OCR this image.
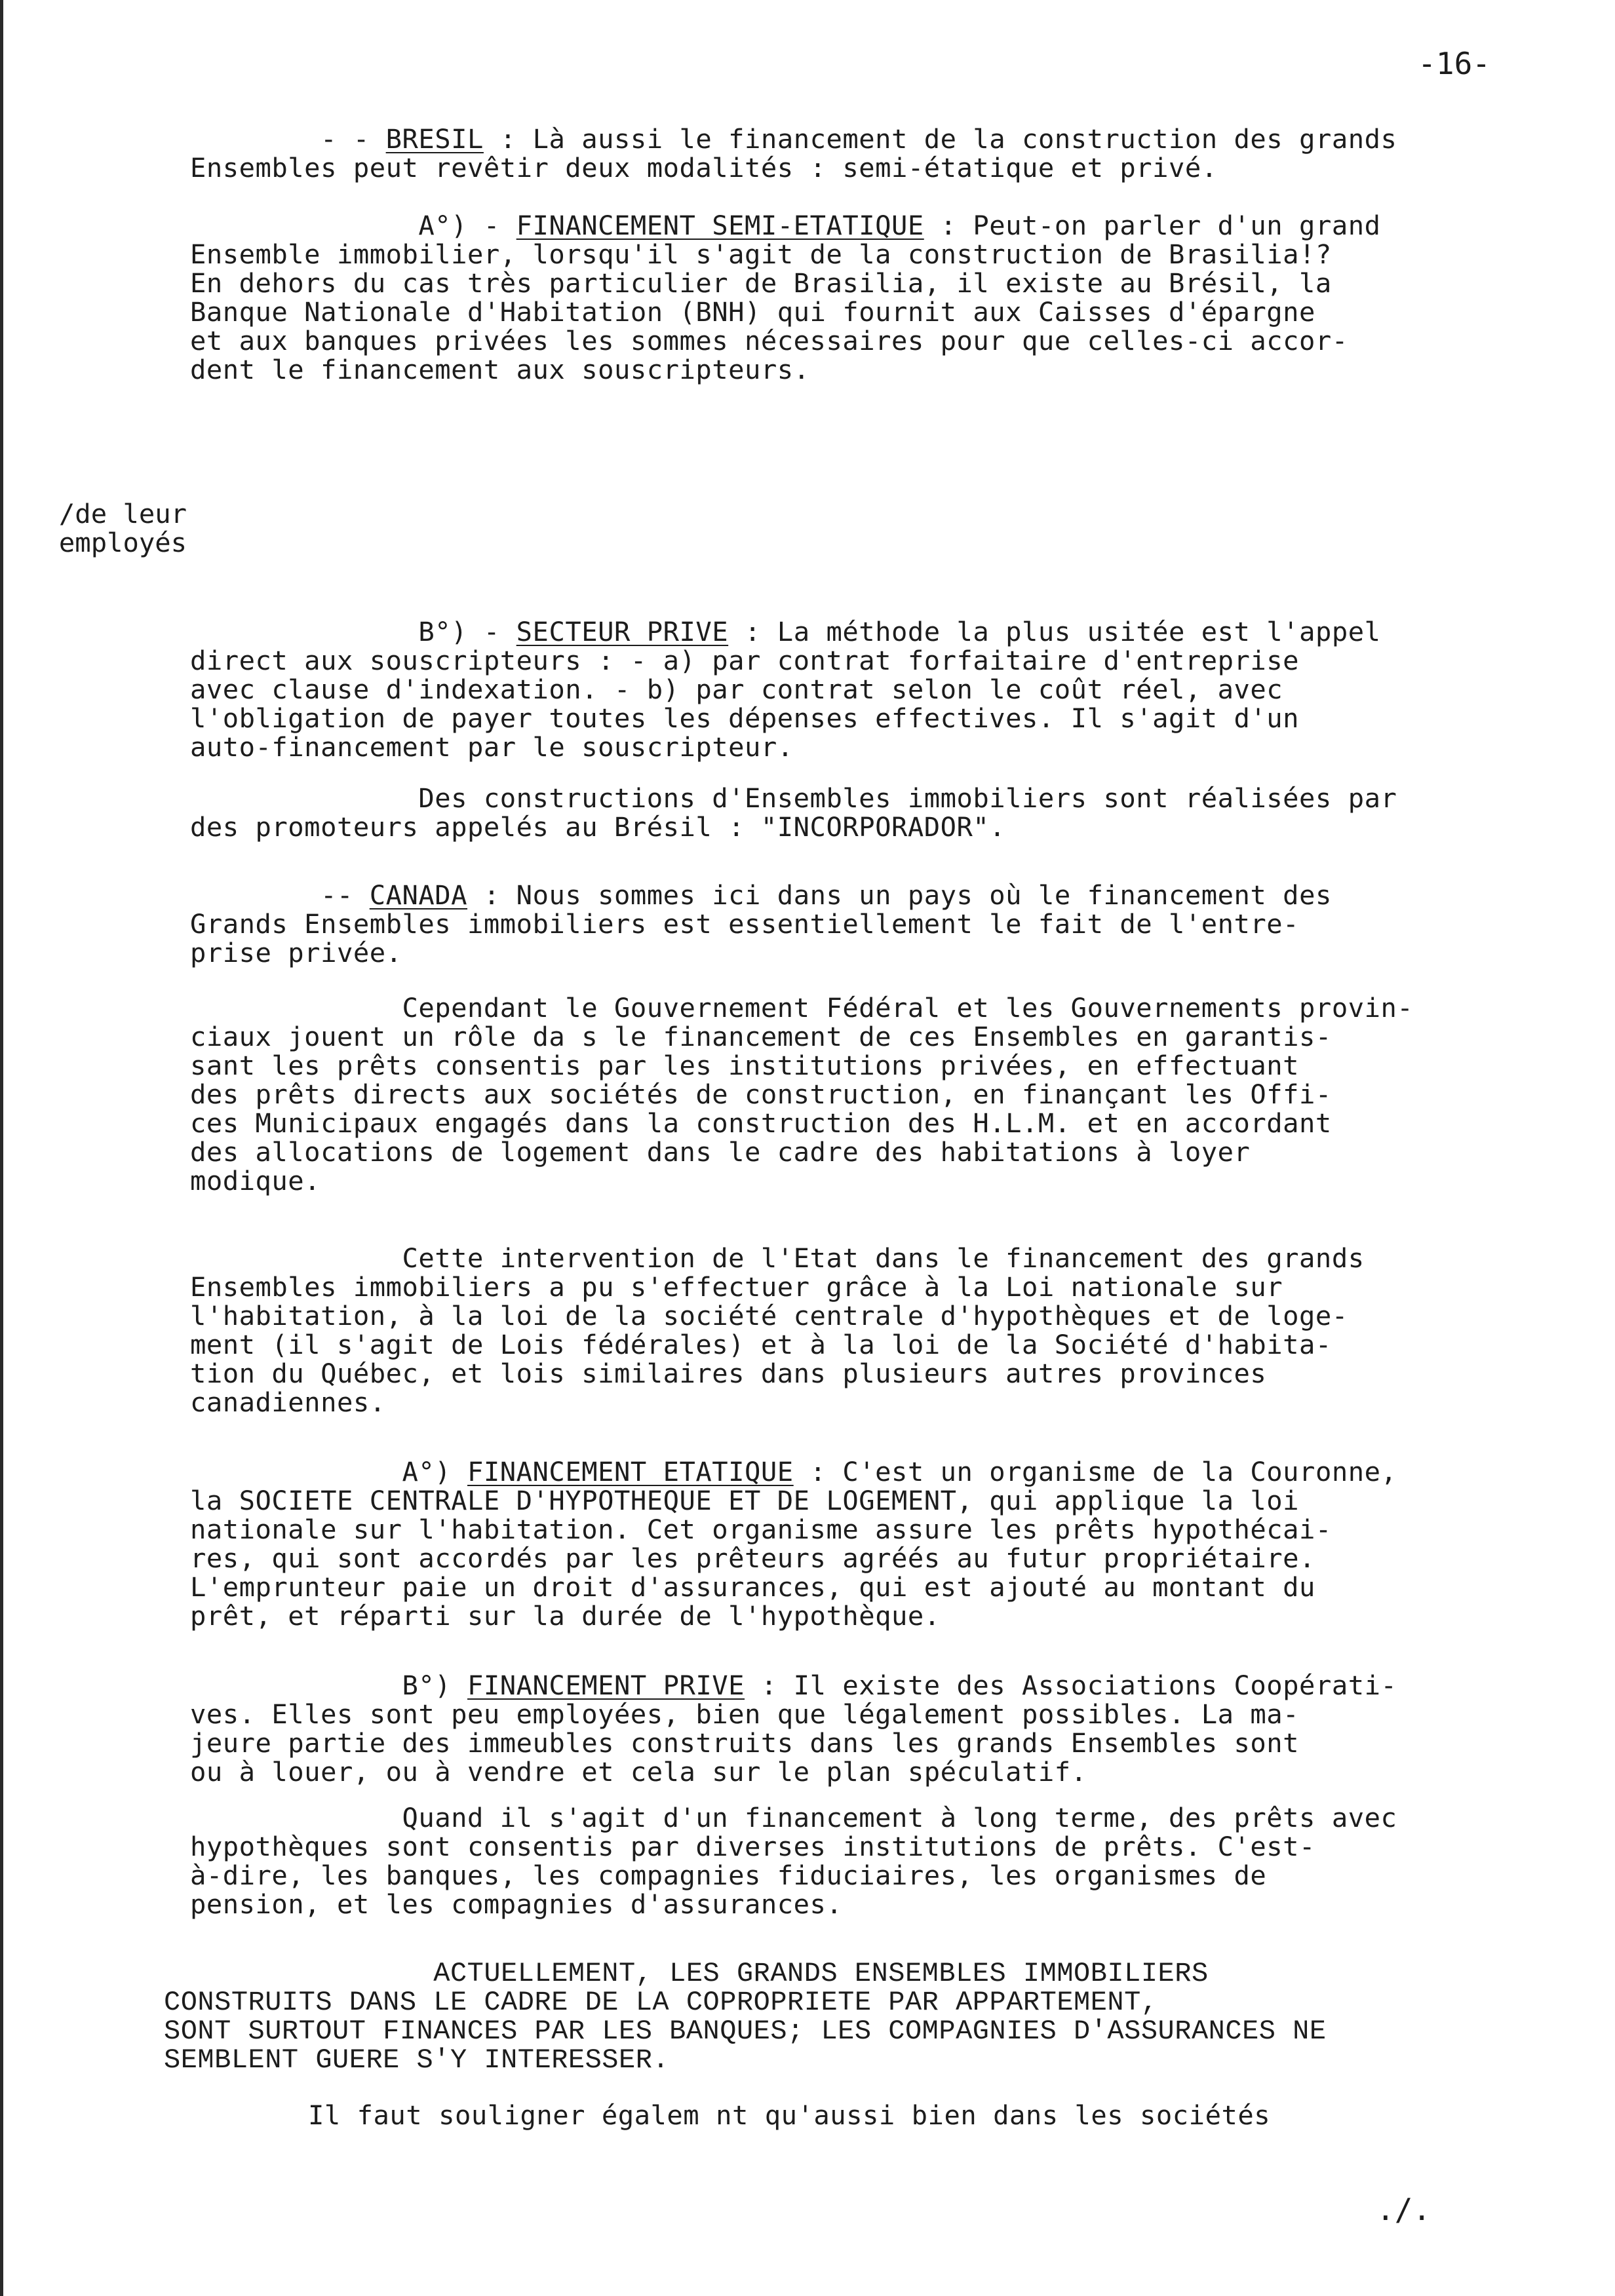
-16-

- - BRESIL : Là aussi le financement de la construction des grands
Ensembles peut revêtir deux modalités : semi-étatique et privé.

A°) - FINANCEMENT SEMI-ETATIQUE : Peut-on parler d'un grand
Ensemble immobilier, lorsqu'il s'agit de la construction de Brasilia!?
En dehors du cas très particulier de Brasilia, il existe au Brésil, la
Banque Nationale d'Habitation (BNH) qui fournit aux Caisses d'épargne
et aux banques privées les sommes nécessaires pour que celles-ci accor-
dent le financement aux souscripteurs.

/de leur
employés

B°) - SECTEUR PRIVE : La méthode la plus usitée est l'appel
direct aux souscripteurs : - a) par contrat forfaitaire d'entreprise
avec clause d'indexation. - b) par contrat selon le coût réel, avec
l'obligation de payer toutes les dépenses effectives. Il s'agit d'un
auto-financement par le souscripteur.

Des constructions d'Ensembles immobiliers sont réalisées par
des promoteurs appelés au Brésil : "INCORPORADOR".

-- CANADA : Nous sommes ici dans un pays où le financement des
Grands Ensembles immobiliers est essentiellement le fait de l'entre-
prise privée.

Cependant le Gouvernement Fédéral et les Gouvernements provin-
ciaux jouent un rôle da s le financement de ces Ensembles en garantis-
sant les prêts consentis par les institutions privées, en effectuant
des prêts directs aux sociétés de construction, en finançant les Offi-
ces Municipaux engagés dans la construction des H.L.M. et en accordant
des allocations de logement dans le cadre des habitations à loyer
modique.

Cette intervention de l'Etat dans le financement des grands
Ensembles immobiliers a pu s'effectuer grâce à la Loi nationale sur
l'habitation, à la loi de la société centrale d'hypothèques et de loge-
ment (il s'agit de Lois fédérales) et à la loi de la Société d'habita-
tion du Québec, et lois similaires dans plusieurs autres provinces
canadiennes.

A°) FINANCEMENT ETATIQUE : C'est un organisme de la Couronne,
la SOCIETE CENTRALE D'HYPOTHEQUE ET DE LOGEMENT, qui applique la loi
nationale sur l'habitation. Cet organisme assure les prêts hypothécai-
res, qui sont accordés par les prêteurs agréés au futur propriétaire.
L'emprunteur paie un droit d'assurances, qui est ajouté au montant du
prêt, et réparti sur la durée de l'hypothèque.

B°) FINANCEMENT PRIVE : Il existe des Associations Coopérati-
ves. Elles sont peu employées, bien que légalement possibles. La ma-
jeure partie des immeubles construits dans les grands Ensembles sont
ou à louer, ou à vendre et cela sur le plan spéculatif.

Quand il s'agit d'un financement à long terme, des prêts avec
hypothèques sont consentis par diverses institutions de prêts. C'est-
à-dire, les banques, les compagnies fiduciaires, les organismes de
pension, et les compagnies d'assurances.

ACTUELLEMENT, LES GRANDS ENSEMBLES IMMOBILIERS
CONSTRUITS DANS LE CADRE DE LA COPROPRIETE PAR APPARTEMENT,
SONT SURTOUT FINANCES PAR LES BANQUES; LES COMPAGNIES D'ASSURANCES NE
SEMBLENT GUERE S'Y INTERESSER.

Il faut souligner égalem nt qu'aussi bien dans les sociétés

./.
